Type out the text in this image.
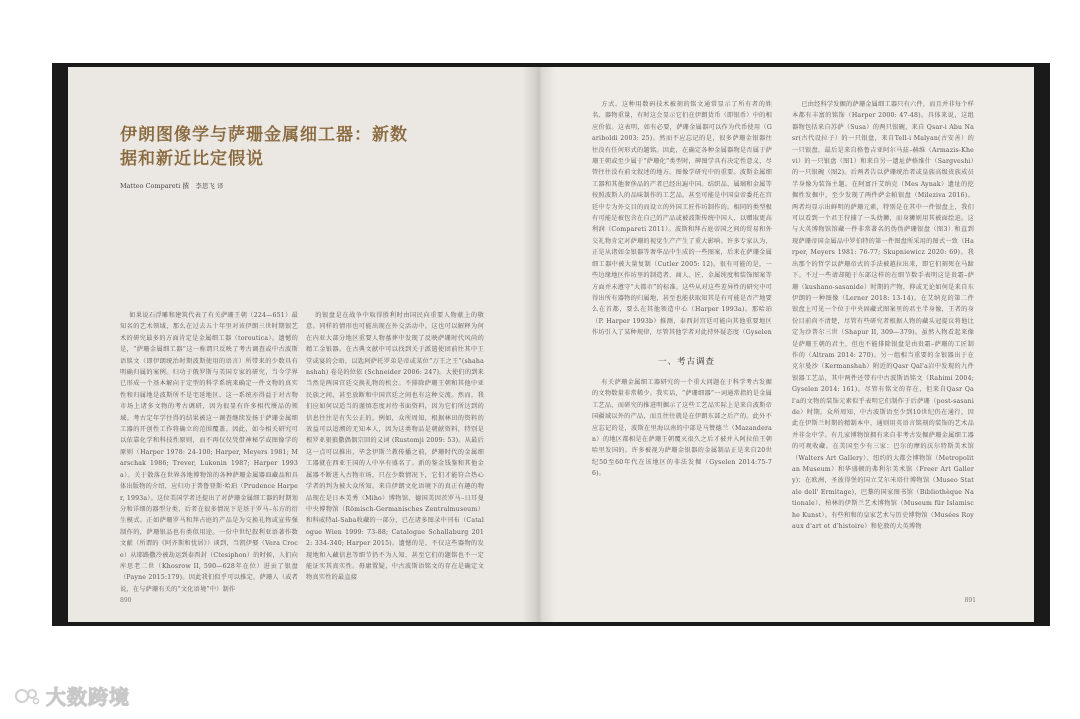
伊朗图像学与萨珊金属细工器：新数据和新近比定假说
Matteo Compareti 撰　李思飞 译

如果说石浮雕和建筑代表了有关萨珊王朝（224—651）最知名的艺术领域，那么在过去五十年里对该伊朗三世时期银艺术的研究最多的方面肯定是金属细工器（toreutica）。遗憾的是，“萨珊金属细工器”这一称谓只反映了考古调查或中古波斯语铭文（即伊朗统治时期波斯使用的语言）所带来的少数具有明确归属的案例。归功于俄罗斯与美国专家的研究，当今学界已形成一个基本解向于定型的科学系统来确定一件文物的真实性和归属地是波斯所不是宅延地区。这一系统亦得益于对古物市场上诸多文物的考古调研，因为很显有许多相代赝品的领域。考古定年学往得的结果被这一调查继续发扬于萨珊金属细工器的开创性工作将确立的范围覆盖。因此，如今相关研究可以依靠化学和科技性原则，而不再仅仅凭借神秘学或图像学的原则（Harper 1978: 24-100; Harper, Meyers 1981; Marschak 1986; Trever, Lukonin 1987; Harper 1993a）。关于散落在世界各地博物馆的各种萨珊金属器皿藏品和具体出版物的介绍，应归功于普鲁登斯·哈珀（Prudence Harper, 1993a）。这位美国学者还提出了对萨珊金属细工器的时期划分和详细的器型分类，后者在很多情况下是基于罗马–东方的衍生模式。正如萨珊罗马和拜占庭的产品是为交换礼物或宣传强制作的，萨珊银品也有类似用途。一份中世纪叙利亚语著作数文献（所谓的《阿齐斯和忧居》）谈到，当凯伊娶（Vera Croce）从耶路撒冷被劫运到泰西封（Ctesiphon）的时候，人们向库思老二世（Khosrow II, 590—628年在位）进贡了银盘（Payne 2015:179)。因此我们似乎可以推定，萨珊人（或者说，在与萨珊有关的“文化语境”中）制作

的银盘是在战争中取得胜利时由国民向重要人物献上的敬意。同样的情形也可能出现在外交活动中。这也可以解释为何在内亚大部分地区重要人物墓葬中发现了反映萨珊时代风尚的精工金银器。在古典文献中可以找到关于派遣使团前往其中王堂或宴的会晤，以匙阿萨托罗弟是帝或某位“万王之王”(shahanshah) 卷是的位依 (Schneider 2006: 247)。大使们的到来当然是两国宫廷交换礼物的机会。不排除萨珊王朝和其他中亚民族之间，甚至放断和中国宫廷之间也有这种交流。然而，我们应如何以适当的谨慎态度对待书面资料，因为它们所达到的信息往往是有失公正的。例如，众所周知，根据林田的资料的效益可以追溯的无知本人，因为这类物品是朝献资料，特别是根罗亚狠狼撒偶偶宗回的义词 (Rustomji 2009: 53)。从最后这一点可以推出，毕念伊斯兰教传播之前，萨珊时代的金属细工器就在西亚王国的人中享有盛名了。新的鉴金钱鉴和其他金属器不断进入古物市场，只在少数情况下，它们才能符合热心学者的判为被大众所知。来自伊朗文化语境下的真正有趣的物品现在是日本美秀（Miho）博物馆、德国美因茨罗马–日耳曼中央博物馆（Römisch-Germanisches Zentralmuseum）和科威特al-Saba收藏的一部分，已在诸多图录中刊布（Catalogue Wien 1999: 73-88; Catalogue Schallaburg 2012: 334-340; Harper 2015)。遗憾的是，不仅这些器物的发现地和入藏信息等细节仍不为人知，甚至它们的题铭也不一定能证实其真实性。毋庸置疑，中古波斯语铭文的存在是确定文物真实性的最直接

890

方式。这种用数码技术被刻的铭文通常显示了所有者的姓名、器物重量，有时这会显示它们在伊朗货币（即银币）中的相应价值。这表明，如有必要，萨珊金属器可以作为代币使用（Gariboldi 2003: 25)。然而不应忘记的是，很多萨珊金银器往往没有任何形式的题铭。因此，在确定各种金属器物是否属于萨珊王朝或至少属于“萨珊化”类型时，碑图学具有决定性意义，尽管往往没有前文叙述的地方。图像学研究中的重要。波斯金属细工器和其他奢侈品的产者已经出遍中国。结织品、属璃和金属等按照波斯人的品味制作的工艺品，甚至可能是中国皇帝委托在宫廷中专为外交目的而设立的外国工匠作坊制作的。相同的类型极有可能是被包含在自己的产品或被波斯传统中国人，以赠取更高利润（Compareti 2011）。波斯和拜占庭帝国之间的贸易和外交礼物肯定对萨珊的视觉生产产生了重大影响。许多专家认为，正是从诸如金银器等奢华品中生成的一些图案，后来在萨珊金属细工器中被大量复制（Cutler 2005: 12)。很有可能的是，一些边缘地区作坊里的制造者、商人、匠、金属纯度和装饰图案等方面并未遵守“大都市”的标准。这些从对这些差异性的研究中可得出所有器物的归属地，甚至也能获取知其是有可能是否产地要么在首都，要么在其他领造中心（Harper 1993a)。那哈珀（P. Harper 1993b）推测，泰西封宫廷可能向其他重要地区作坊引入了某种规律，尽管其他学者对此持怀疑态度（Gyselen

一、考古调查

有关萨珊金属细工器研究的一个重大问题在于科学考古发掘的文物数量非常稀少。我实话，“萨珊细器”一词通常指的是金属工艺品，而研究的推进明掘示了这些工艺品实际上是来自波斯帝国疆域以外的产品，而且往往就是在伊朗东部之后产的。此外不应忘记的是，波斯在里海以南的中部是马赞德兰（Mazanderan）的地区都相是在萨珊王朝覆灭很久之后才被并入阿拉伯王朝哈里发国的。许多被视为萨珊金银器的金属制品正是来自20世纪50至60年代在该地区的非法发掘（Gyselen 2014:75-76)。

已由经科学发掘的萨珊金属细工器只有六件，而且并非每个样本都有丰富的铭饰（Harper 2000: 47-48)。具体来说，这组器物包括来自苏萨（Susa）的两只银碗，来自 Qsar-i Abu Nasr(古代设拉子）的一只银盘，来自Tell-i Malyan(古安善）的一只银盘，最后是来自格鲁吉亚阿尔马兹–赫维（Armazis-Khevi）的一只银盘（图1）和来自另一遗址萨格维什（Sargveshi）的一只银碗（图2)。后两者告以萨珊统治者或皇族高级贵族成员半身像为装饰主题。在阿富汗艾纳克（Mes Aynak）遗址的挖掘性发掘中，至少发现了两件萨金帕银盘（Mileziva 2016)。两者均显示出鲜明的萨珊元素，特别是在其中一件银盘上，我们可以看到一个君王狩捕了一头幼狮，而身狮则用其被面绘迫。这与大英博物馆馆藏一件非常著名的伪伪萨珊银盘（图3）和直到现萨珊帝国金属品中罗伯特的第一件图盘所采用的图式一致（Harper, Meyers 1981: 76-77; Skupniewicz 2020: 69)。我出那个的哲学以萨珊帝式的手法被越拉出来，即它们刻死在马蹄下。不过一些请却随于东部这样的在细节数手表明这是贵霜–萨珊（kushano-sasanide）时期的产物，抑或无论如何是来自东伊朗的一种图像（Lerner 2018: 13-14)。在艾纳克的第二件银盘上可见一个位于中央固藏式图案里的君主半身像，王者的身份目前尚不清楚，尽管有些研究者根据人物的藏头冠提议将他比定为沙普尔三世（Shapur II, 309—379)。虽然入物看起来像是萨珊王朝的君主，但也不能排除银盘是由贵霜–萨珊的工匠制作的（Altram 2014: 270)。另一组相当重要的金银器出于在克尔曼沙（Kermanshah）附近的Qasr Qal'a岩中发现的九件银器工艺品，其中两件还带有中古波斯语铭文（Rahimi 2004; Gyselen 2014: 161)。尽管有铭文的存在，但来自Qasr Qal'a的文物的装饰元素似乎表明它们制作于后萨珊（post-sasanide）时期。众所周知，中古波斯语至少到10世纪仍在通行，因此在伊斯兰时期的精制本中，通则用英语言铭刻的装饰的艺术品并非金中学。有几家博物馆拥有来自非考古发掘萨珊金属细工器的可观收藏。在美国至少有三家：巴尔的摩的沃尔特斯美术馆（Walters Art Gallery）、纽约的大都会博物馆（Metropolitan Museum）和华盛顿的弗利尔美术馆（Freer Art Gallery)；在欧洲，圣彼得堡的国立艾尔米塔什博物馆（Museo Statale dell' Ermitage)，巴黎的国家图书馆（Bibliothèque Nationale）、柏林的伊斯兰艺术博物馆（Museum für Islamische Kunst）。有些和和的皇家艺术与历史博物馆（Musées Royaux d'art et d'histoire）和伦敦的大英博物

891
大数跨境
